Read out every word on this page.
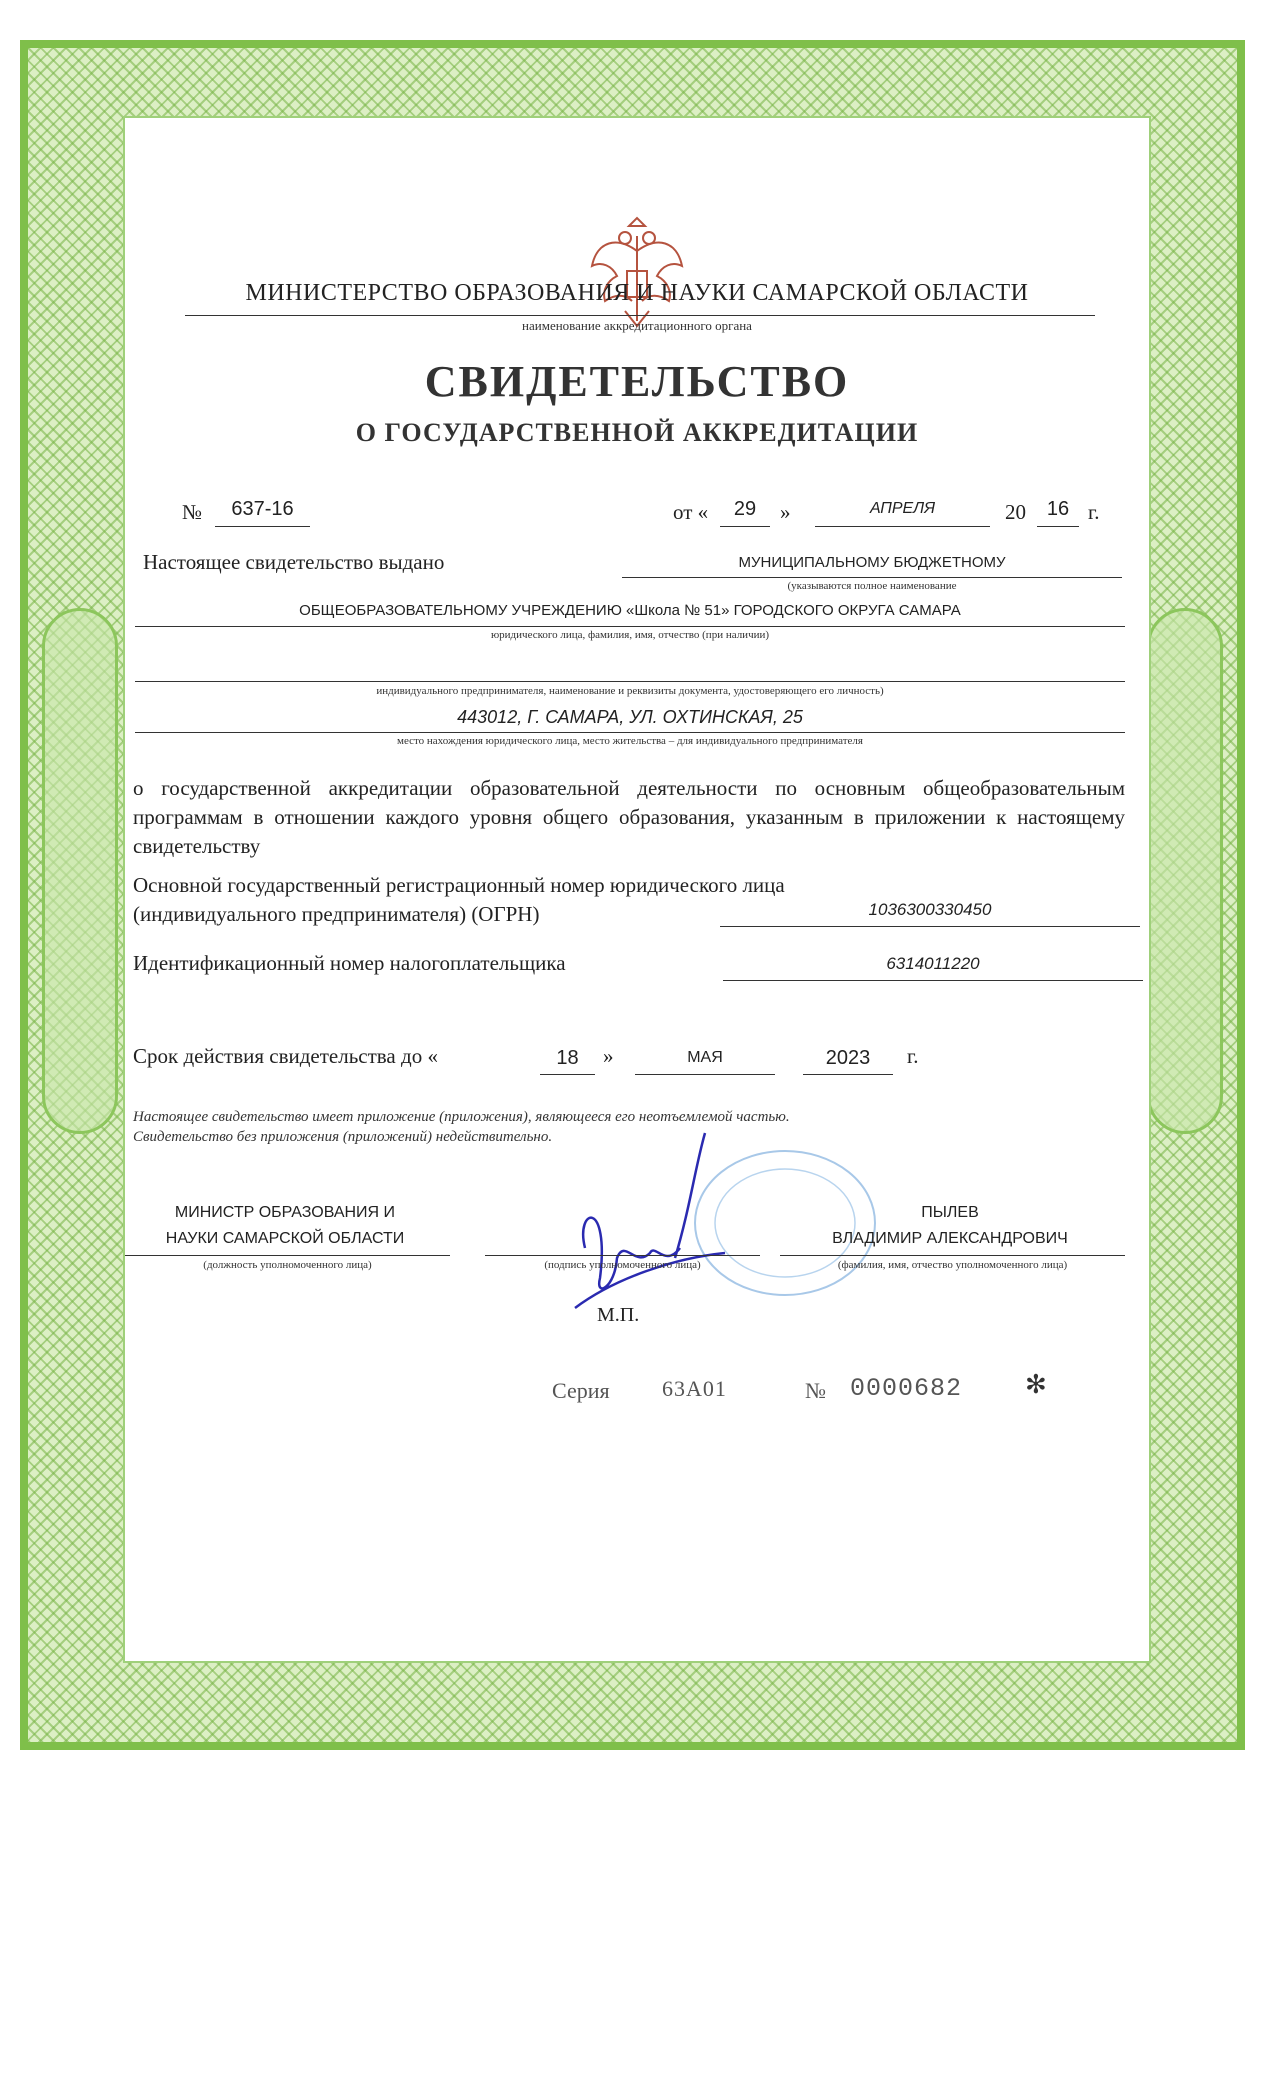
МИНИСТЕРСТВО ОБРАЗОВАНИЯ И НАУКИ САМАРСКОЙ ОБЛАСТИ
наименование аккредитационного органа
СВИДЕТЕЛЬСТВО
О ГОСУДАРСТВЕННОЙ АККРЕДИТАЦИИ
№	637-16	от «	29	»	АПРЕЛЯ	20	16 г.
Настоящее свидетельство выдано	МУНИЦИПАЛЬНОМУ БЮДЖЕТНОМУ
(указываются полное наименование
ОБЩЕОБРАЗОВАТЕЛЬНОМУ УЧРЕЖДЕНИЮ «Школа № 51» ГОРОДСКОГО ОКРУГА САМАРА
юридического лица, фамилия, имя, отчество (при наличии)
индивидуального предпринимателя, наименование и реквизиты документа, удостоверяющего его личность)
443012, Г. САМАРА, УЛ. ОХТИНСКАЯ, 25
место нахождения юридического лица, место жительства – для индивидуального предпринимателя
о государственной аккредитации образовательной деятельности по основным общеобразовательным программам в отношении каждого уровня общего образования, указанным в приложении к настоящему свидетельству
Основной государственный регистрационный номер юридического лица
(индивидуального предпринимателя) (ОГРН)	1036300330450
Идентификационный номер налогоплательщика	6314011220
Срок действия свидетельства до «	18	»	МАЯ	2023	г.
Настоящее свидетельство имеет приложение (приложения), являющееся его неотъемлемой частью.
Свидетельство без приложения (приложений) недействительно.
МИНИСТР ОБРАЗОВАНИЯ И
НАУКИ САМАРСКОЙ ОБЛАСТИ
(должность уполномоченного лица)	(подпись уполномоченного лица)
ПЫЛЕВ
ВЛАДИМИР АЛЕКСАНДРОВИЧ
(фамилия, имя, отчество уполномоченного лица)
М.П.
Серия 63А01	№ 0000682 ✻
